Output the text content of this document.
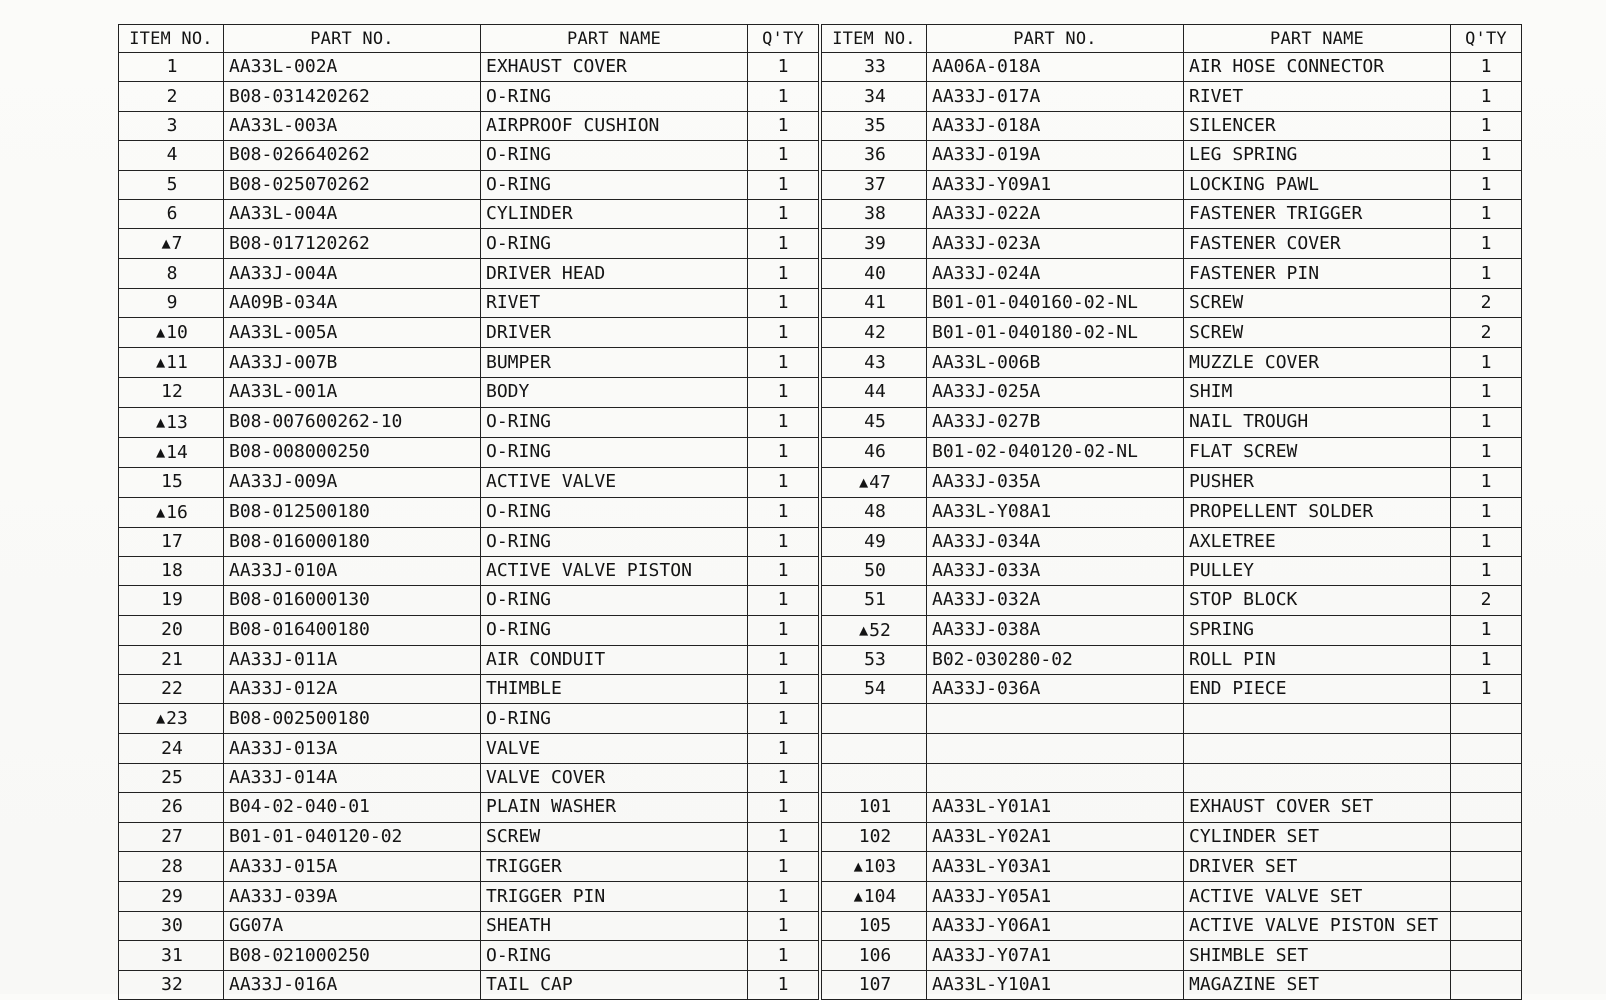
ITEM NO.	PART NO.	PART NAME	Q'TY	ITEM NO.	PART NO.	PART NAME	Q'TY
1	AA33L-002A	EXHAUST COVER	1	33	AA06A-018A	AIR HOSE CONNECTOR	1
2	B08-031420262	O-RING	1	34	AA33J-017A	RIVET	1
3	AA33L-003A	AIRPROOF CUSHION	1	35	AA33J-018A	SILENCER	1
4	B08-026640262	O-RING	1	36	AA33J-019A	LEG SPRING	1
5	B08-025070262	O-RING	1	37	AA33J-Y09A1	LOCKING PAWL	1
6	AA33L-004A	CYLINDER	1	38	AA33J-022A	FASTENER TRIGGER	1
▲7	B08-017120262	O-RING	1	39	AA33J-023A	FASTENER COVER	1
8	AA33J-004A	DRIVER HEAD	1	40	AA33J-024A	FASTENER PIN	1
9	AA09B-034A	RIVET	1	41	B01-01-040160-02-NL	SCREW	2
▲10	AA33L-005A	DRIVER	1	42	B01-01-040180-02-NL	SCREW	2
▲11	AA33J-007B	BUMPER	1	43	AA33L-006B	MUZZLE COVER	1
12	AA33L-001A	BODY	1	44	AA33J-025A	SHIM	1
▲13	B08-007600262-10	O-RING	1	45	AA33J-027B	NAIL TROUGH	1
▲14	B08-008000250	O-RING	1	46	B01-02-040120-02-NL	FLAT SCREW	1
15	AA33J-009A	ACTIVE VALVE	1	▲47	AA33J-035A	PUSHER	1
▲16	B08-012500180	O-RING	1	48	AA33L-Y08A1	PROPELLENT SOLDER	1
17	B08-016000180	O-RING	1	49	AA33J-034A	AXLETREE	1
18	AA33J-010A	ACTIVE VALVE PISTON	1	50	AA33J-033A	PULLEY	1
19	B08-016000130	O-RING	1	51	AA33J-032A	STOP BLOCK	2
20	B08-016400180	O-RING	1	▲52	AA33J-038A	SPRING	1
21	AA33J-011A	AIR CONDUIT	1	53	B02-030280-02	ROLL PIN	1
22	AA33J-012A	THIMBLE	1	54	AA33J-036A	END PIECE	1
▲23	B08-002500180	O-RING	1				
24	AA33J-013A	VALVE	1				
25	AA33J-014A	VALVE COVER	1				
26	B04-02-040-01	PLAIN WASHER	1	101	AA33L-Y01A1	EXHAUST COVER SET	
27	B01-01-040120-02	SCREW	1	102	AA33L-Y02A1	CYLINDER SET	
28	AA33J-015A	TRIGGER	1	▲103	AA33L-Y03A1	DRIVER SET	
29	AA33J-039A	TRIGGER PIN	1	▲104	AA33J-Y05A1	ACTIVE VALVE SET	
30	GG07A	SHEATH	1	105	AA33J-Y06A1	ACTIVE VALVE PISTON SET	
31	B08-021000250	O-RING	1	106	AA33J-Y07A1	SHIMBLE SET	
32	AA33J-016A	TAIL CAP	1	107	AA33L-Y10A1	MAGAZINE SET	
